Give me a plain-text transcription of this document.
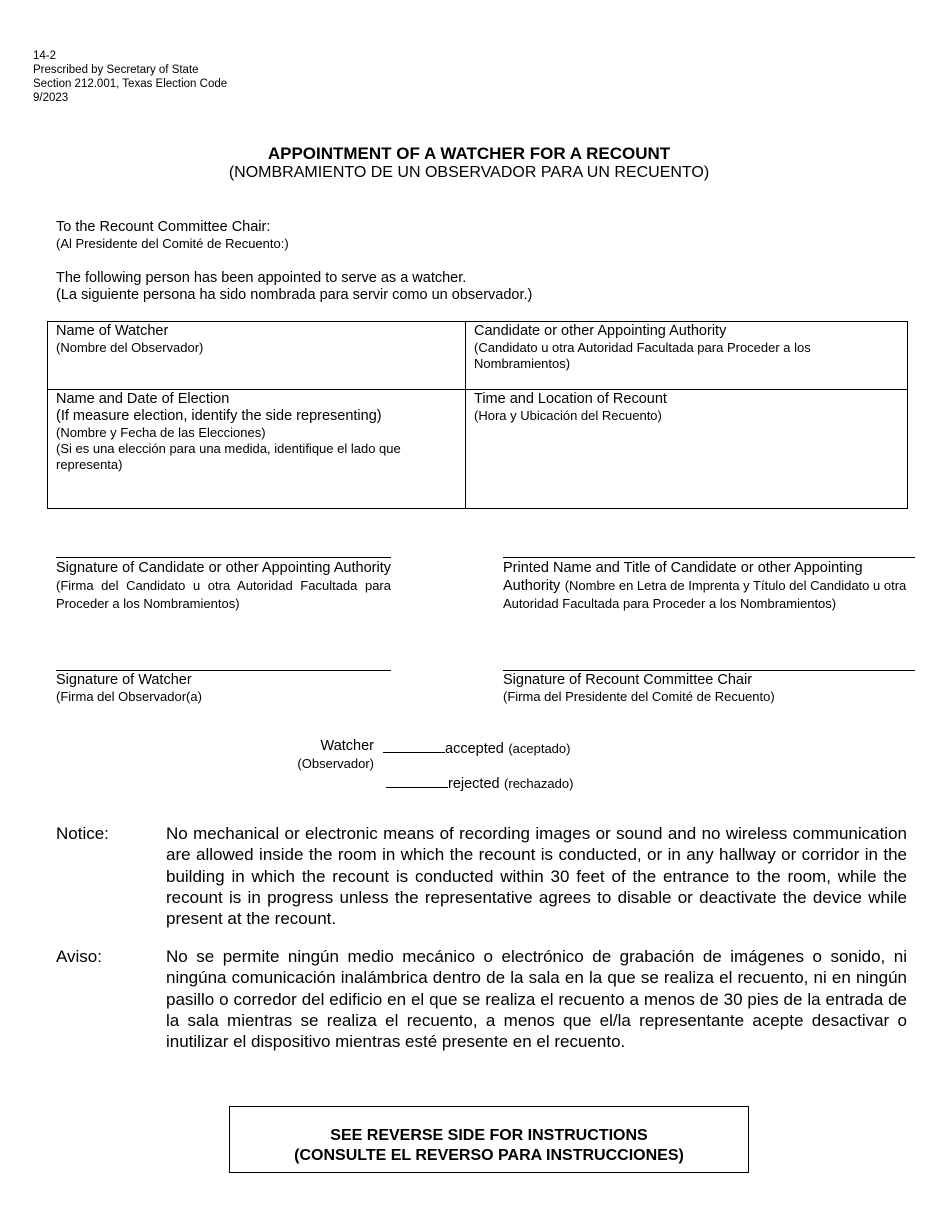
14-2
Prescribed by Secretary of State
Section 212.001, Texas Election Code
9/2023
APPOINTMENT OF A WATCHER FOR A RECOUNT
(NOMBRAMIENTO DE UN OBSERVADOR PARA UN RECUENTO)
To the Recount Committee Chair:
(Al Presidente del Comité de Recuento:)
The following person has been appointed to serve as a watcher.
(La siguiente persona ha sido nombrada para servir como un observador.)
Name of Watcher
(Nombre del Observador)
Candidate or other Appointing Authority
(Candidato u otra Autoridad Facultada para Proceder a los Nombramientos)
Name and Date of Election
(If measure election, identify the side representing)
(Nombre y Fecha de las Elecciones)
(Si es una elección para una medida, identifique el lado que representa)
Time and Location of Recount
(Hora y Ubicación del Recuento)
Signature of Candidate or other Appointing Authority (Firma del Candidato u otra Autoridad Facultada para Proceder a los Nombramientos)
Printed Name and Title of Candidate or other Appointing Authority (Nombre en Letra de Imprenta y Título del Candidato u otra Autoridad Facultada para Proceder a los Nombramientos)
Signature of Watcher
(Firma del Observador(a)
Signature of Recount Committee Chair
(Firma del Presidente del Comité de Recuento)
Watcher
(Observador)
accepted (aceptado)
rejected (rechazado)
Notice:	No mechanical or electronic means of recording images or sound and no wireless communication are allowed inside the room in which the recount is conducted, or in any hallway or corridor in the building in which the recount is conducted within 30 feet of the entrance to the room, while the recount is in progress unless the representative agrees to disable or deactivate the device while present at the recount.
Aviso:	No se permite ningún medio mecánico o electrónico de grabación de imágenes o sonido, ni ningúna comunicación inalámbrica dentro de la sala en la que se realiza el recuento, ni en ningún pasillo o corredor del edificio en el que se realiza el recuento a menos de 30 pies de la entrada de la sala mientras se realiza el recuento, a menos que el/la representante acepte desactivar o inutilizar el dispositivo mientras esté presente en el recuento.
SEE REVERSE SIDE FOR INSTRUCTIONS
(CONSULTE EL REVERSO PARA INSTRUCCIONES)
